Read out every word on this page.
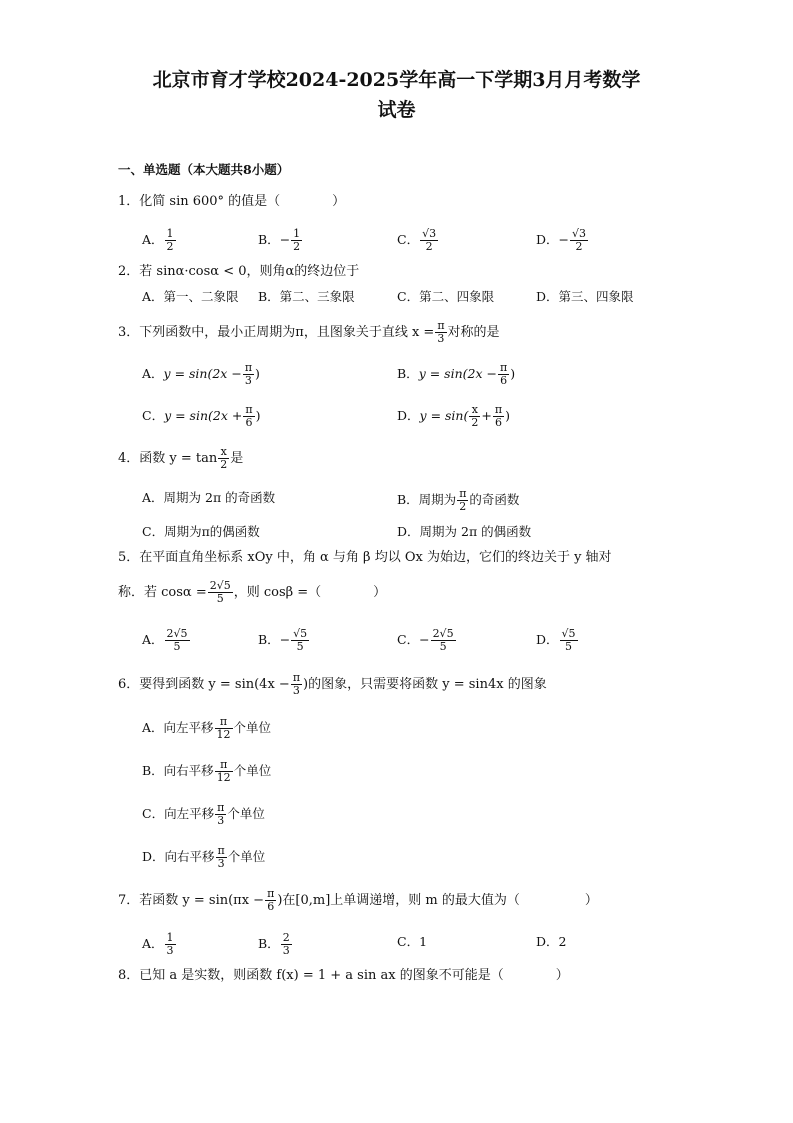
北京市育才学校2024-2025学年高一下学期3月月考数学
试卷
一、单选题（本大题共8小题）
1．化简 sin 600° 的值是（　　　　）
A． $\frac{1}{2}$	B．− $\frac{1}{2}$	C． $\frac{√3}{2}$	D．− $\frac{√3}{2}$
2．若 sinα·cosα < 0，则角α的终边位于
A．第一、二象限 B．第二、三象限	C．第二、四象限	D．第三、四象限
3．下列函数中，最小正周期为π，且图象关于直线 $x = \frac{\pi}{3}$ 对称的是
A．$y = \sin(2x - \frac{\pi}{3}$ )	B．$y = \sin(2x - \frac{\pi}{6}$ )
C．$y = \sin(2x + \frac{\pi}{6}$ )	D．$y = \sin( \frac{x}{2} + \frac{\pi}{6}$ )
4．函数 $y = \tan \frac{x}{2}$ 是
A．周期为 2π 的奇函数	B．周期为 $\frac{\pi}{2}$ 的奇函数
C．周期为π的偶函数	D．周期为 2π 的偶函数
5．在平面直角坐标系 xOy 中，角 α 与角 β 均以 Ox 为始边，它们的终边关于 y 轴对
称．若 $\cos\alpha = \frac{2√5}{5}$ ，则 cosβ =（　　　　）
A． $\frac{2√5}{5}$	B．− $\frac{√5}{5}$	C．− $\frac{2√5}{5}$	D． $\frac{√5}{5}$
6．要得到函数 $y = \sin(4x - \frac{\pi}{3}$ )的图象，只需要将函数 y = sin4x 的图象
A．向左平移 $\frac{\pi}{12}$ 个单位
B．向右平移 $\frac{\pi}{12}$ 个单位
C．向左平移 $\frac{\pi}{3}$ 个单位
D．向右平移 $\frac{\pi}{3}$ 个单位
7．若函数 $y = \sin(\pi x - \frac{\pi}{6}$ )在[0,m]上单调递增，则 m 的最大值为（　　　　　）
A． $\frac{1}{3}$	B． $\frac{2}{3}$	C．1	D．2
8．已知 a 是实数，则函数 f(x) = 1 + a sin ax 的图象不可能是（　　　　）
